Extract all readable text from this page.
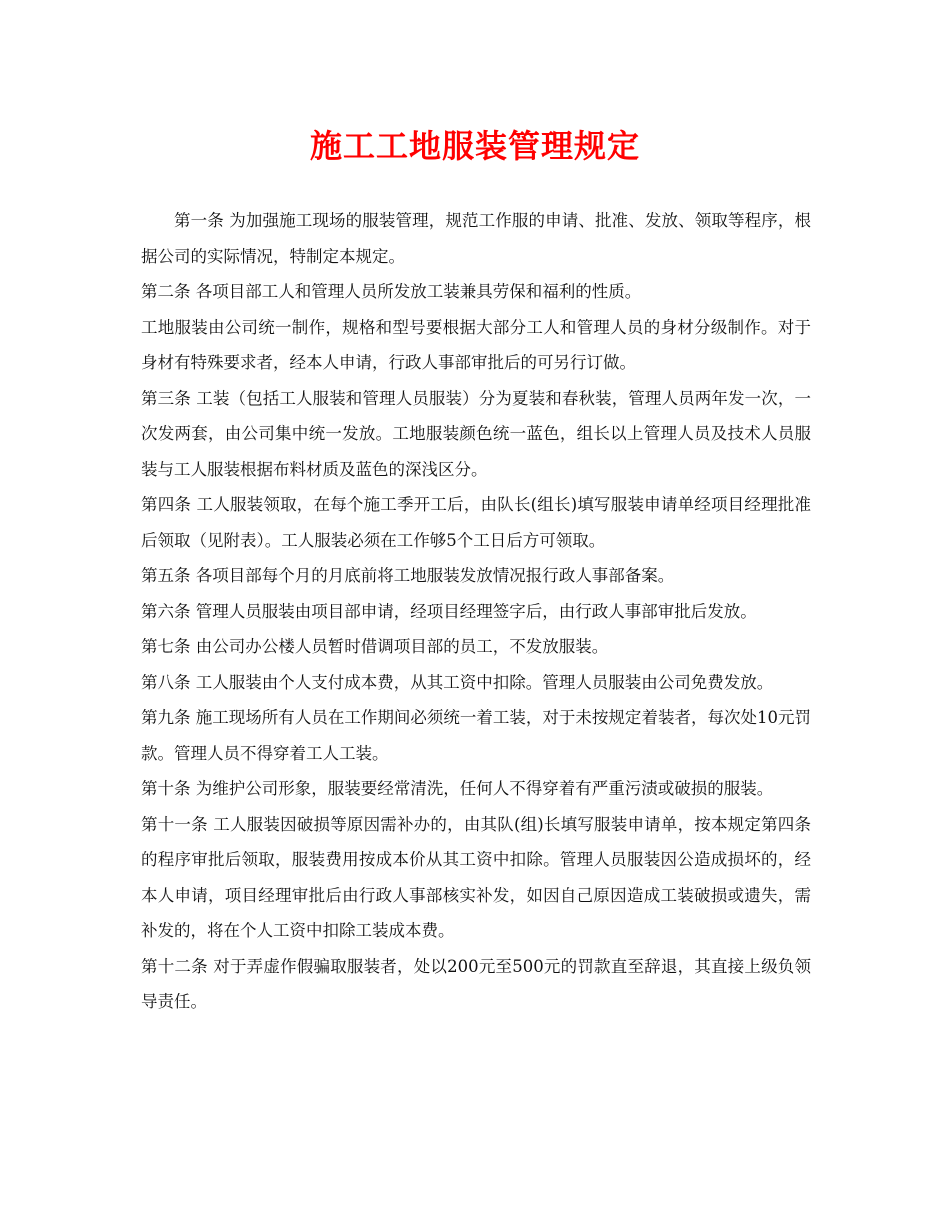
施工工地服装管理规定

第一条 为加强施工现场的服装管理，规范工作服的申请、批准、发放、领取等程序，根据公司的实际情况，特制定本规定。

第二条 各项目部工人和管理人员所发放工装兼具劳保和福利的性质。

工地服装由公司统一制作，规格和型号要根据大部分工人和管理人员的身材分级制作。对于身材有特殊要求者，经本人申请，行政人事部审批后的可另行订做。

第三条 工装（包括工人服装和管理人员服装）分为夏装和春秋装，管理人员两年发一次，一次发两套，由公司集中统一发放。工地服装颜色统一蓝色，组长以上管理人员及技术人员服装与工人服装根据布料材质及蓝色的深浅区分。

第四条 工人服装领取，在每个施工季开工后，由队长(组长)填写服装申请单经项目经理批准后领取（见附表）。工人服装必须在工作够5个工日后方可领取。

第五条 各项目部每个月的月底前将工地服装发放情况报行政人事部备案。

第六条 管理人员服装由项目部申请，经项目经理签字后，由行政人事部审批后发放。

第七条 由公司办公楼人员暂时借调项目部的员工，不发放服装。

第八条 工人服装由个人支付成本费，从其工资中扣除。管理人员服装由公司免费发放。

第九条 施工现场所有人员在工作期间必须统一着工装，对于未按规定着装者，每次处10元罚款。管理人员不得穿着工人工装。

第十条 为维护公司形象，服装要经常清洗，任何人不得穿着有严重污渍或破损的服装。

第十一条 工人服装因破损等原因需补办的，由其队(组)长填写服装申请单，按本规定第四条的程序审批后领取，服装费用按成本价从其工资中扣除。管理人员服装因公造成损坏的，经本人申请，项目经理审批后由行政人事部核实补发，如因自己原因造成工装破损或遗失，需补发的，将在个人工资中扣除工装成本费。

第十二条 对于弄虚作假骗取服装者，处以200元至500元的罚款直至辞退，其直接上级负领导责任。
